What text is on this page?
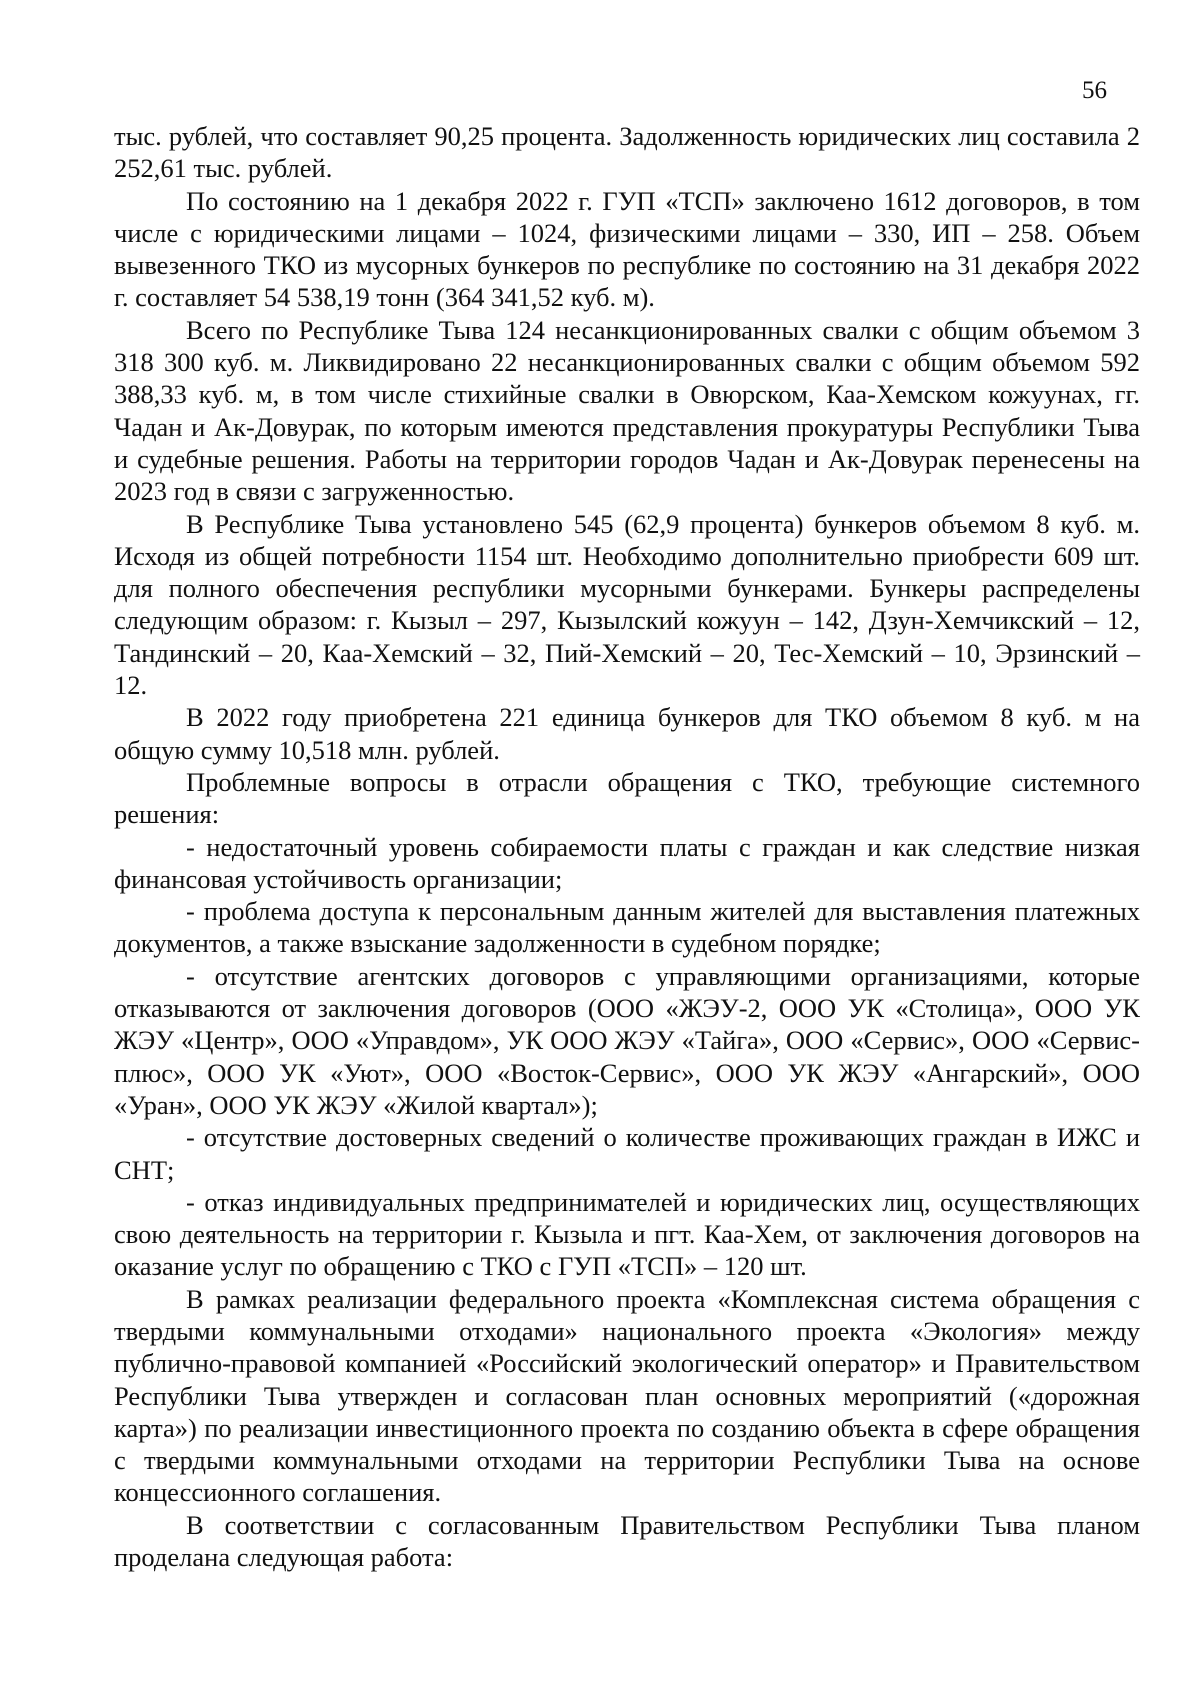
56

тыс. рублей, что составляет 90,25 процента. Задолженность юридических лиц составила 2 252,61 тыс. рублей.

По состоянию на 1 декабря 2022 г. ГУП «ТСП» заключено 1612 договоров, в том числе с юридическими лицами – 1024, физическими лицами – 330, ИП – 258. Объем вывезенного ТКО из мусорных бункеров по республике по состоянию на 31 декабря 2022 г. составляет 54 538,19 тонн (364 341,52 куб. м).

Всего по Республике Тыва 124 несанкционированных свалки с общим объемом 3 318 300 куб. м. Ликвидировано 22 несанкционированных свалки с общим объемом 592 388,33 куб. м, в том числе стихийные свалки в Овюрском, Каа-Хемском кожуунах, гг. Чадан и Ак-Довурак, по которым имеются представления прокуратуры Республики Тыва и судебные решения. Работы на территории городов Чадан и Ак-Довурак перенесены на 2023 год в связи с загруженностью.

В Республике Тыва установлено 545 (62,9 процента) бункеров объемом 8 куб. м. Исходя из общей потребности 1154 шт. Необходимо дополнительно приобрести 609 шт. для полного обеспечения республики мусорными бункерами. Бункеры распределены следующим образом: г. Кызыл – 297, Кызылский кожуун – 142, Дзун-Хемчикский – 12, Тандинский – 20, Каа-Хемский – 32, Пий-Хемский – 20, Тес-Хемский – 10, Эрзинский – 12.

В 2022 году приобретена 221 единица бункеров для ТКО объемом 8 куб. м на общую сумму 10,518 млн. рублей.

Проблемные вопросы в отрасли обращения с ТКО, требующие системного решения:

- недостаточный уровень собираемости платы с граждан и как следствие низкая финансовая устойчивость организации;

- проблема доступа к персональным данным жителей для выставления платежных документов, а также взыскание задолженности в судебном порядке;

- отсутствие агентских договоров с управляющими организациями, которые отказываются от заключения договоров (ООО «ЖЭУ-2, ООО УК «Столица», ООО УК ЖЭУ «Центр», ООО «Управдом», УК ООО ЖЭУ «Тайга», ООО «Сервис», ООО «Сервис-плюс», ООО УК «Уют», ООО «Восток-Сервис», ООО УК ЖЭУ «Ангарский», ООО «Уран», ООО УК ЖЭУ «Жилой квартал»);

- отсутствие достоверных сведений о количестве проживающих граждан в ИЖС и СНТ;

- отказ индивидуальных предпринимателей и юридических лиц, осуществляющих свою деятельность на территории г. Кызыла и пгт. Каа-Хем, от заключения договоров на оказание услуг по обращению с ТКО с ГУП «ТСП» – 120 шт.

В рамках реализации федерального проекта «Комплексная система обращения с твердыми коммунальными отходами» национального проекта «Экология» между публично-правовой компанией «Российский экологический оператор» и Правительством Республики Тыва утвержден и согласован план основных мероприятий («дорожная карта») по реализации инвестиционного проекта по созданию объекта в сфере обращения с твердыми коммунальными отходами на территории Республики Тыва на основе концессионного соглашения.

В соответствии с согласованным Правительством Республики Тыва планом проделана следующая работа:
